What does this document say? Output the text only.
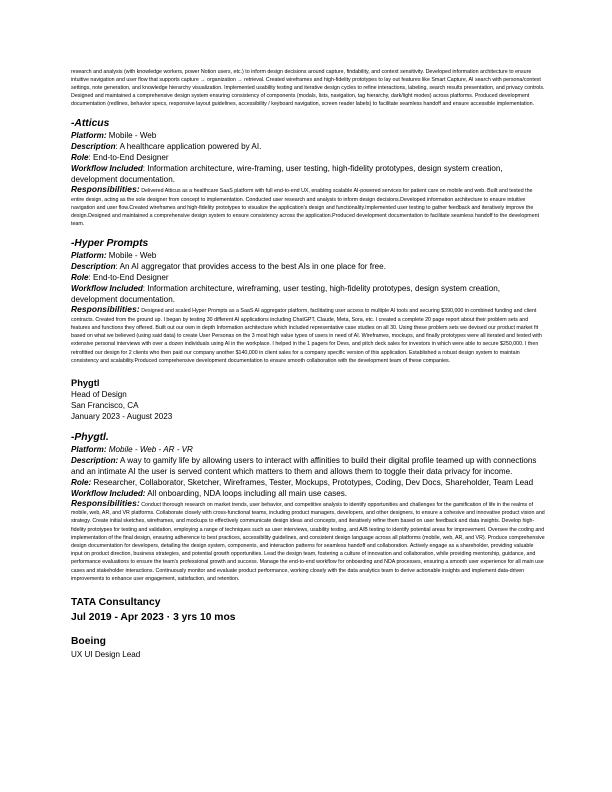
research and analysis (with knowledge workers, power Notion users, etc.) to inform design decisions around capture, findability, and context sensitivity. Developed information architecture to ensure intuitive navigation and user flow that supports capture → organization → retrieval. Created wireframes and high-fidelity prototypes to lay out features like Smart Capture, AI search with persona/context settings, note generation, and knowledge hierarchy visualization. Implemented usability testing and iterative design cycles to refine interactions, labeling, search results presentation, and privacy controls. Designed and maintained a comprehensive design system ensuring consistency of components (modals, lists, navigation, tag hierarchy, dark/light modes) across platforms. Produced development documentation (redlines, behavior specs, responsive layout guidelines, accessibility / keyboard navigation, screen reader labels) to facilitate seamless handoff and ensure accessible implementation.

-Atticus

Platform: Mobile - Web

Description: A healthcare application powered by AI.

Role: End-to-End Designer

Workflow Included: Information architecture, wire-framing, user testing, high-fidelity prototypes, design system creation, development documentation.

Responsibilities: Delivered Atticus as a healthcare SaaS platform with full end-to-end UX, enabling scalable AI-powered services for patient care on mobile and web. Built and tested the entire design, acting as the sole designer from concept to implementation. Conducted user research and analysis to inform design decisions.Developed information architecture to ensure intuitive navigation and user flow.Created wireframes and high-fidelity prototypes to visualize the application's design and functionality.Implemented user testing to gather feedback and iteratively improve the design.Designed and maintained a comprehensive design system to ensure consistency across the application.Produced development documentation to facilitate seamless handoff to the development team.

-Hyper Prompts

Platform: Mobile - Web

Description: An AI aggregator that provides access to the best AIs in one place for free.

Role: End-to-End Designer

Workflow Included: Information architecture, wireframing, user testing, high-fidelity prototypes, design system creation, development documentation.

Responsibilities: Designed and scaled Hyper Prompts as a SaaS AI aggregator platform, facilitating user access to multiple AI tools and securing $390,000 in combined funding and client contracts. Created from the ground up. I began by testing 30 different AI applications including ChatGPT, Claude, Meta, Sora, etc. I created a complete 20 page report about their problem sets and features and functions they offered. Built out our own in depth Information architecture which included representative case studies on all 30. Using these problem sets we devised our product market fit based on what we believed (using said data) to create User Personas on the 3 most high value types of users in need of AI. Wireframes, mockups, and finally prototypes were all iterated and tested with extensive personal interviews with over a dozen individuals using AI in the workplace. I helped in the 1 pagers for Devs, and pitch deck sales for investors in which were able to secure $250,000. I then retrofitted our design for 2 clients who then paid our company another $140,000 in client sales for a company specific version of this application. Established a robust design system to maintain consistency and scalability.Produced comprehensive development documentation to ensure smooth collaboration with the development team of these companies.

Phygtl

Head of Design

San Francisco, CA

January 2023 - August 2023

-Phygtl.

Platform: Mobile - Web - AR - VR

Description: A way to gamify life by allowing users to interact with affinities to build their digital profile teamed up with connections and an intimate AI the user is served content which matters to them and allows them to toggle their data privacy for income.

Role: Researcher, Collaborator, Sketcher, Wireframes, Tester, Mockups, Prototypes, Coding, Dev Docs, Shareholder, Team Lead

Workflow Included: All onboarding, NDA loops including all main use cases.

Responsibilities: Conduct thorough research on market trends, user behavior, and competitive analysis to identify opportunities and challenges for the gamification of life in the realms of mobile, web, AR, and VR platforms. Collaborate closely with cross-functional teams, including product managers, developers, and other designers, to ensure a cohesive and innovative product vision and strategy. Create initial sketches, wireframes, and mockups to effectively communicate design ideas and concepts, and iteratively refine them based on user feedback and data insights. Develop high-fidelity prototypes for testing and validation, employing a range of techniques such as user interviews, usability testing, and A/B testing to identify potential areas for improvement. Oversee the coding and implementation of the final design, ensuring adherence to best practices, accessibility guidelines, and consistent design language across all platforms (mobile, web, AR, and VR). Produce comprehensive design documentation for developers, detailing the design system, components, and interaction patterns for seamless handoff and collaboration. Actively engage as a shareholder, providing valuable input on product direction, business strategies, and potential growth opportunities. Lead the design team, fostering a culture of innovation and collaboration, while providing mentorship, guidance, and performance evaluations to ensure the team's professional growth and success. Manage the end-to-end workflow for onboarding and NDA processes, ensuring a smooth user experience for all main use cases and stakeholder interactions. Continuously monitor and evaluate product performance, working closely with the data analytics team to derive actionable insights and implement data-driven improvements to enhance user engagement, satisfaction, and retention.

TATA Consultancy

Jul 2019 - Apr 2023 · 3 yrs 10 mos

Boeing

UX UI Design Lead
